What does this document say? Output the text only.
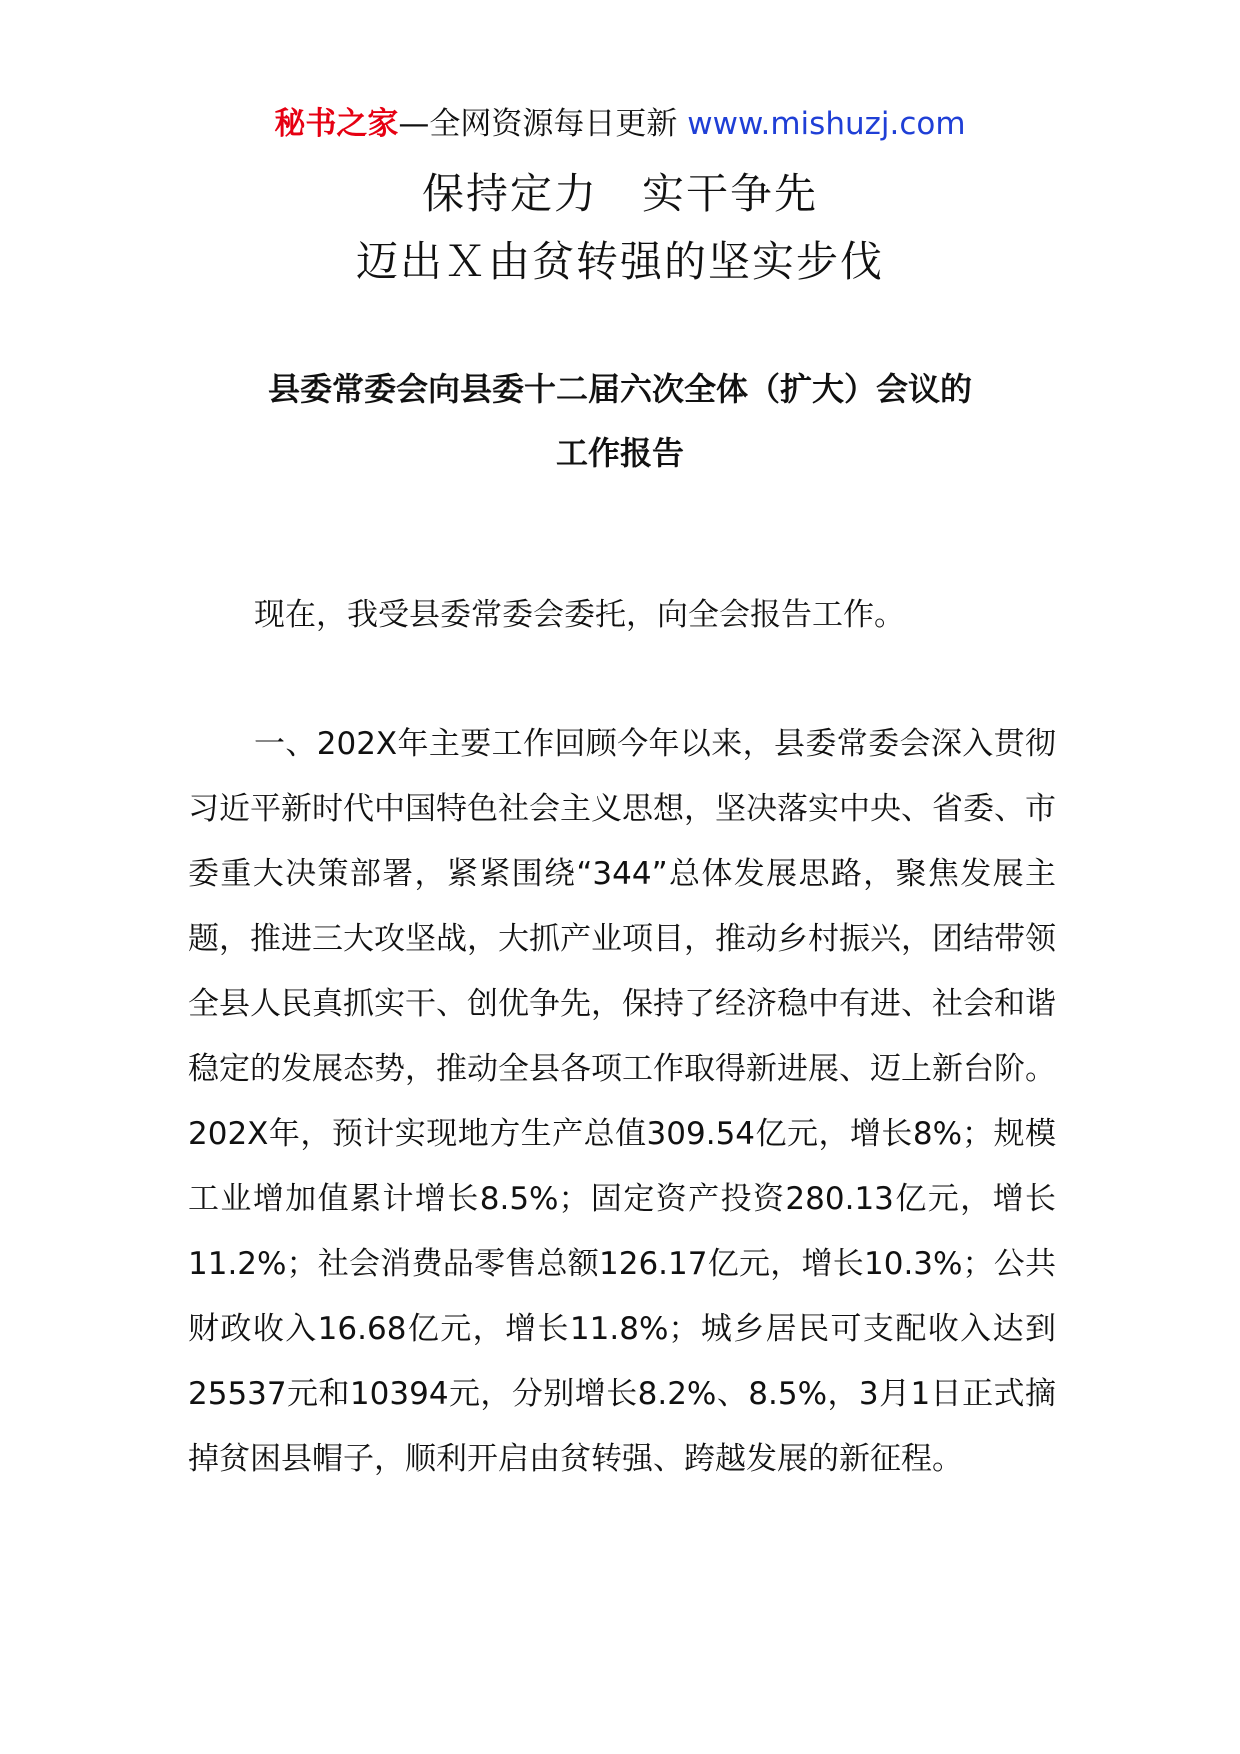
秘书之家—全网资源每日更新 www.mishuzj.com
保持定力　实干争先
迈出Ｘ由贫转强的坚实步伐
县委常委会向县委十二届六次全体（扩大）会议的
工作报告

现在，我受县委常委会委托，向全会报告工作。

一、202X年主要工作回顾今年以来，县委常委会深入贯彻习近平新时代中国特色社会主义思想，坚决落实中央、省委、市委重大决策部署，紧紧围绕“344”总体发展思路，聚焦发展主题，推进三大攻坚战，大抓产业项目，推动乡村振兴，团结带领全县人民真抓实干、创优争先，保持了经济稳中有进、社会和谐稳定的发展态势，推动全县各项工作取得新进展、迈上新台阶。202X年，预计实现地方生产总值309.54亿元，增长8%；规模工业增加值累计增长8.5%；固定资产投资280.13亿元，增长11.2%；社会消费品零售总额126.17亿元，增长10.3%；公共财政收入16.68亿元，增长11.8%；城乡居民可支配收入达到25537元和10394元，分别增长8.2%、8.5%，3月1日正式摘掉贫困县帽子，顺利开启由贫转强、跨越发展的新征程。
